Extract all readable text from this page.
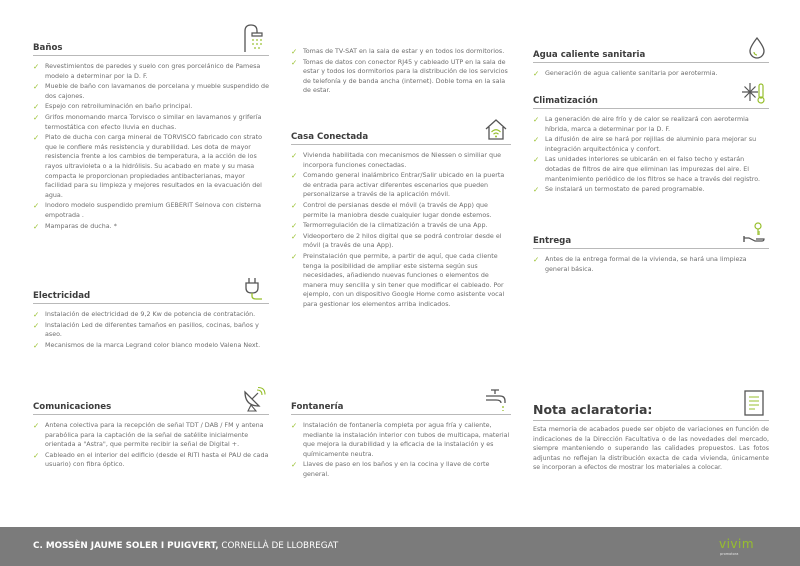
Baños
✓ Revestimientos de paredes y suelo con gres porcelánico de Pamesa modelo a determinar por la D. F.
✓ Mueble de baño con lavamanos de porcelana y mueble suspendido de dos cajones.
✓ Espejo con retroiluminación en baño principal.
✓ Grifos monomando marca Torvisco o similar en lavamanos y grifería termostática con efecto lluvia en duchas.
✓ Plato de ducha con carga mineral de TORVISCO fabricado con strato que le confiere más resistencia y durabilidad. Les dota de mayor resistencia frente a los cambios de temperatura, a la acción de los rayos ultravioleta o a la hidrólisis. Su acabado en mate y su masa compacta le proporcionan propiedades antibacterianas, mayor facilidad para su limpieza y mejores resultados en la evacuación del agua.
✓ Inodoro modelo suspendido premium GEBERIT Selnova con cisterna empotrada .
✓ Mamparas de ducha. *
Electricidad
✓ Instalación de electricidad de 9,2 Kw de potencia de contratación.
✓ Instalación Led de diferentes tamaños en pasillos, cocinas, baños y aseo.
✓ Mecanismos de la marca Legrand color blanco modelo Valena Next.
Comunicaciones
✓ Antena colectiva para la recepción de señal TDT / DAB / FM y antena parabólica para la captación de la señal de satélite inicialmente orientada a "Astra", que permite recibir la señal de Digital +.
✓ Cableado en el interior del edificio (desde el RITI hasta el PAU de cada usuario) con fibra óptico.
✓ Tomas de TV-SAT en la sala de estar y en todos los dormitorios.
✓ Tomas de datos con conector RJ45 y cableado UTP en la sala de estar y todos los dormitorios para la distribución de los servicios de telefonía y de banda ancha (internet). Doble toma en la sala de estar.
Casa Conectada
✓ Vivienda habilitada con mecanismos de Niessen o similiar que incorpora funciones conectadas.
✓ Comando general inalámbrico Entrar/Salir ubicado en la puerta de entrada para activar diferentes escenarios que pueden personalizarse a través de la aplicación móvil.
✓ Control de persianas desde el móvil (a través de App) que permite la maniobra desde cualquier lugar donde estemos.
✓ Termorregulación de la climatización a través de una App.
✓ Videoportero de 2 hilos digital que se podrá controlar desde el móvil (a través de una App).
✓ Preinstalación que permite, a partir de aquí, que cada cliente tenga la posibilidad de ampliar este sistema según sus necesidades, añadiendo nuevas funciones o elementos de manera muy sencilla y sin tener que modificar el cableado. Por ejemplo, con un dispositivo Google Home como asistente vocal para gestionar los elementos arriba indicados.
Fontanería
✓ Instalación de fontanería completa por agua fría y caliente, mediante la instalación interior con tubos de multicapa, material que mejora la durabilidad y la eficacia de la instalación y es químicamente neutra.
✓ Llaves de paso en los baños y en la cocina y llave de corte general.
Agua caliente sanitaria
✓ Generación de agua caliente sanitaria por aerotermia.
Climatización
✓ La generación de aire frío y de calor se realizará con aerotermia híbrida, marca a determinar por la D. F.
✓ La difusión de aire se hará por rejillas de aluminio para mejorar su integración arquitectónica y confort.
✓ Las unidades interiores se ubicarán en el falso techo y estarán dotadas de filtros de aire que eliminan las impurezas del aire. El mantenimiento periódico de los filtros se hace a través del registro.
✓ Se instalará un termostato de pared programable.
Entrega
✓ Antes de la entrega formal de la vivienda, se hará una limpieza general básica.
Nota aclaratoria:
Esta memoria de acabados puede ser objeto de variaciones en función de indicaciones de la Dirección Facultativa o de las novedades del mercado, siempre manteniendo o superando las calidades propuestos. Las fotos adjuntas no reflejan la distribución exacta de cada vivienda, únicamente se incorporan a efectos de mostrar los materiales a colocar.
C. MOSSÈN JAUME SOLER I PUIGVERT, CORNELLÀ DE LLOBREGAT	vivim
promotora
